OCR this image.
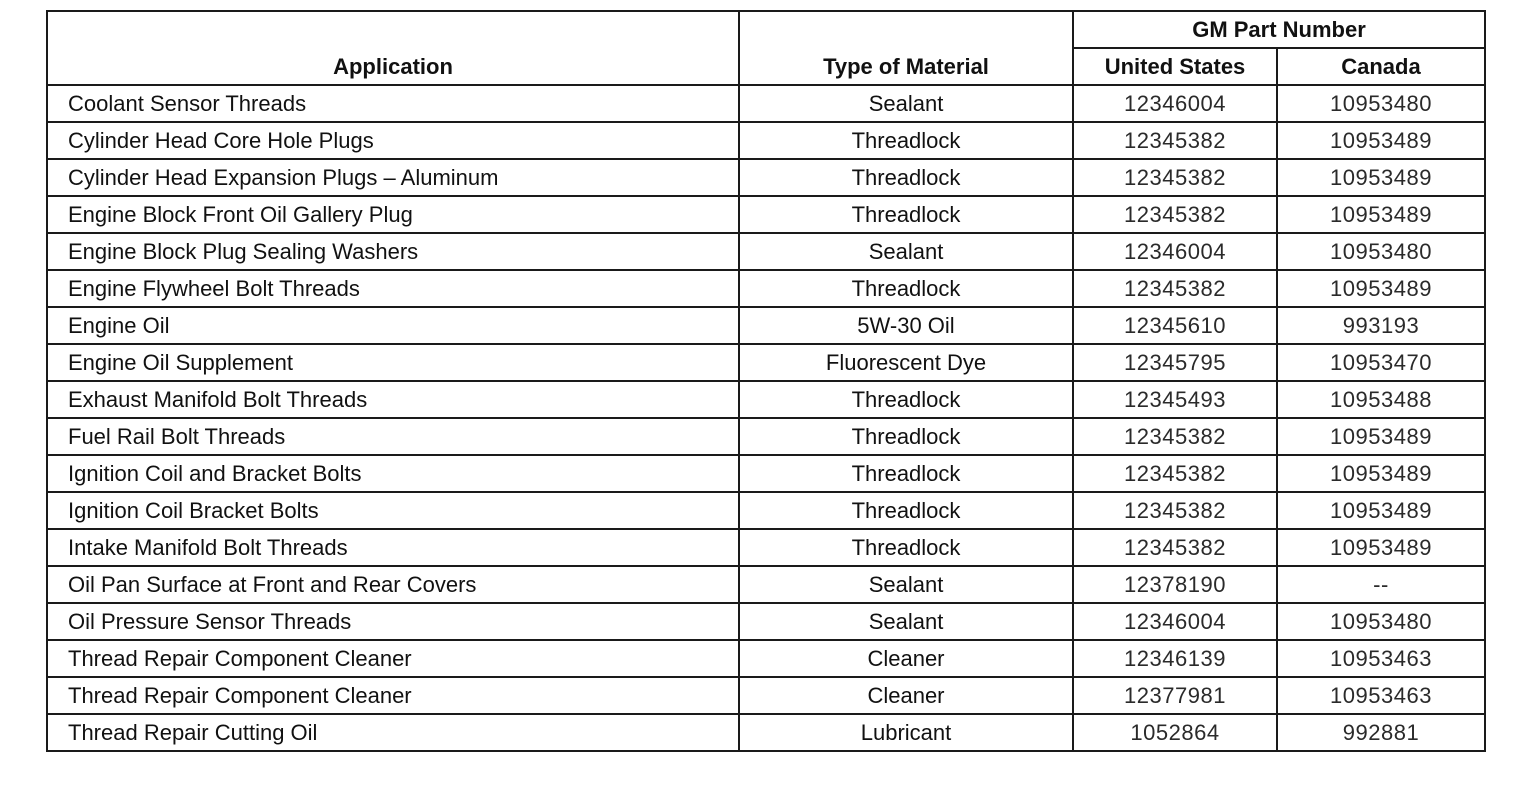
Application	Type of Material	GM Part Number	
		United States	Canada
Coolant Sensor Threads	Sealant	12346004	10953480
Cylinder Head Core Hole Plugs	Threadlock	12345382	10953489
Cylinder Head Expansion Plugs – Aluminum	Threadlock	12345382	10953489
Engine Block Front Oil Gallery Plug	Threadlock	12345382	10953489
Engine Block Plug Sealing Washers	Sealant	12346004	10953480
Engine Flywheel Bolt Threads	Threadlock	12345382	10953489
Engine Oil	5W-30 Oil	12345610	993193
Engine Oil Supplement	Fluorescent Dye	12345795	10953470
Exhaust Manifold Bolt Threads	Threadlock	12345493	10953488
Fuel Rail Bolt Threads	Threadlock	12345382	10953489
Ignition Coil and Bracket Bolts	Threadlock	12345382	10953489
Ignition Coil Bracket Bolts	Threadlock	12345382	10953489
Intake Manifold Bolt Threads	Threadlock	12345382	10953489
Oil Pan Surface at Front and Rear Covers	Sealant	12378190	--
Oil Pressure Sensor Threads	Sealant	12346004	10953480
Thread Repair Component Cleaner	Cleaner	12346139	10953463
Thread Repair Component Cleaner	Cleaner	12377981	10953463
Thread Repair Cutting Oil	Lubricant	1052864	992881
